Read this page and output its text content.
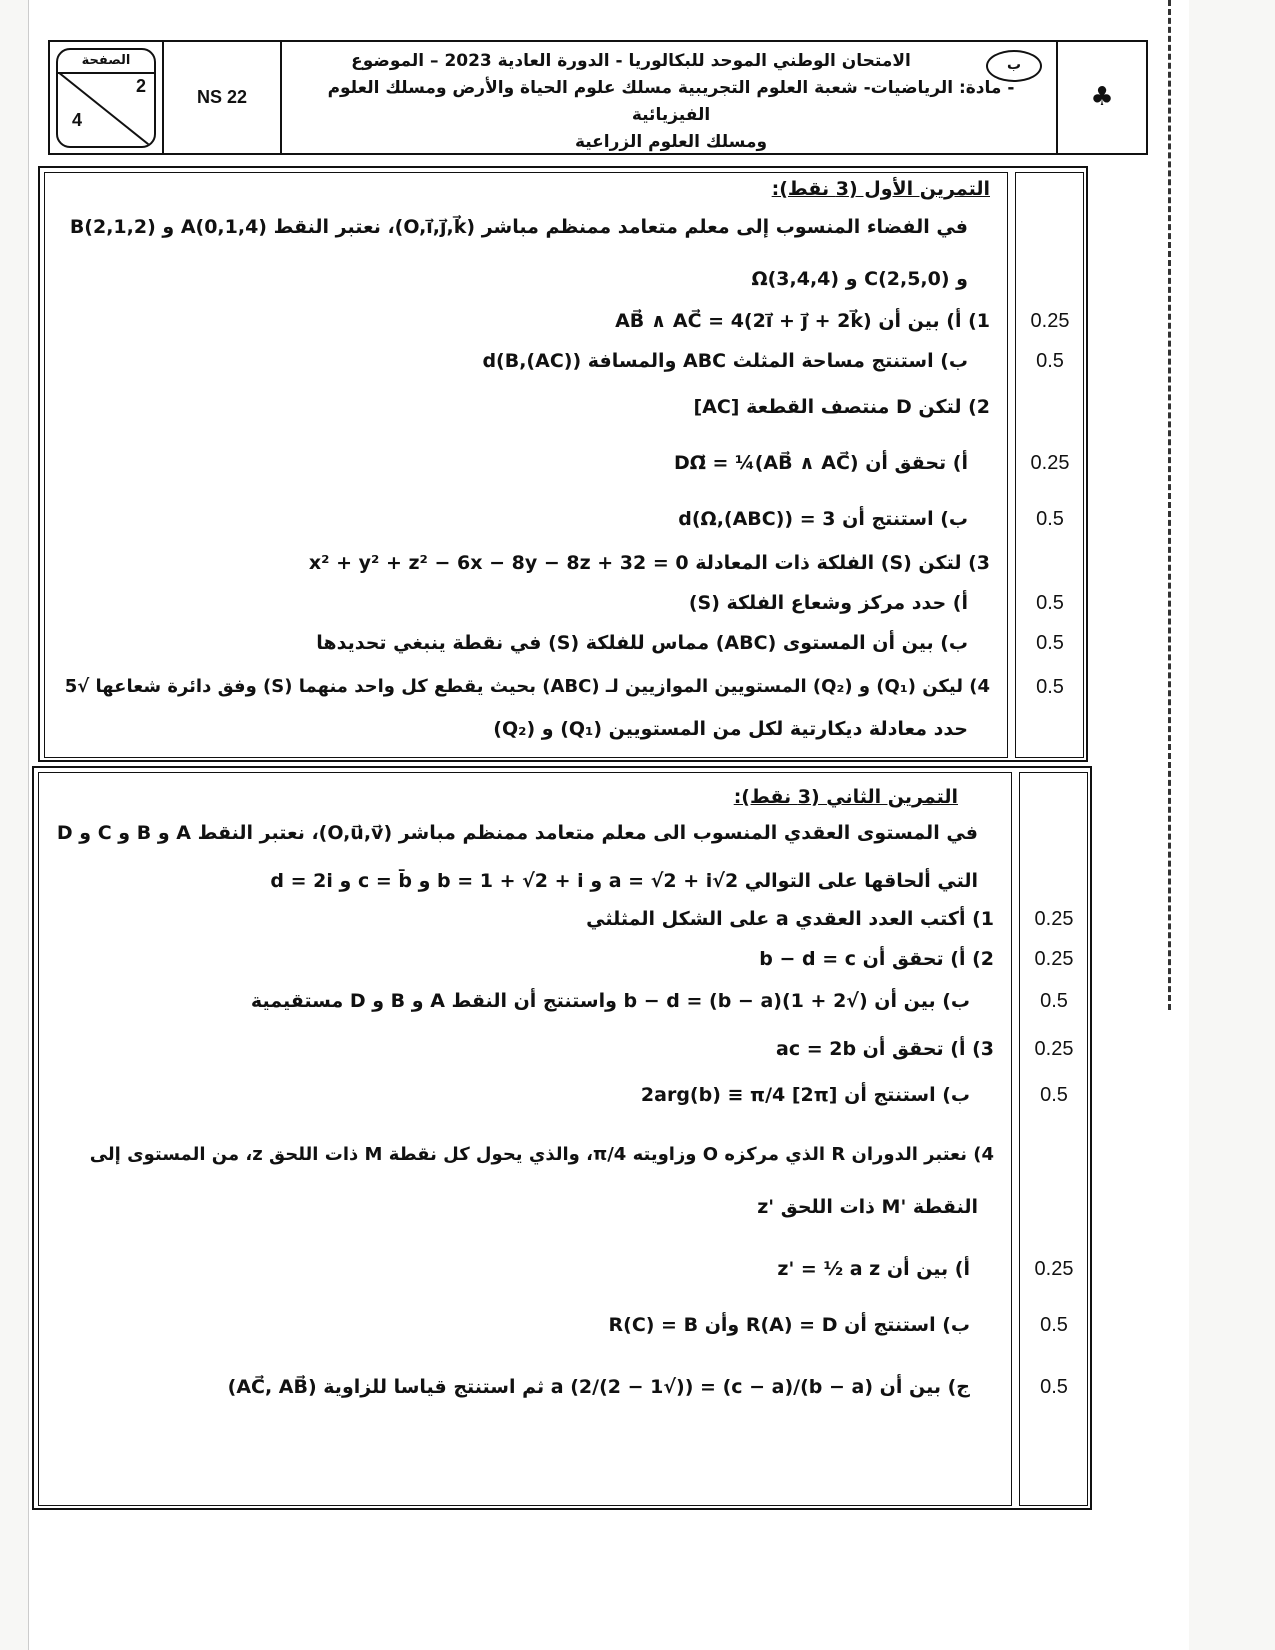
الصفحة
2
4
NS 22
الامتحان الوطني الموحد للبكالوريا - الدورة العادية 2023 – الموضوع
- مادة: الرياضيات- شعبة العلوم التجريبية مسلك علوم الحياة والأرض ومسلك العلوم الفيزيائية
ومسلك العلوم الزراعية
ب
♣
التمرين الأول (3 نقط):
في الفضاء المنسوب إلى معلم متعامد ممنظم مباشر (O,i⃗,j⃗,k⃗)، نعتبر النقط A(0,1,4) و B(2,1,2)
و C(2,5,0) و Ω(3,4,4)
1) أ) بين أن AB⃗ ∧ AC⃗ = 4(2i⃗ + j⃗ + 2k⃗)	0.25
ب) استنتج مساحة المثلث ABC والمسافة d(B,(AC))	0.5
2) لتكن D منتصف القطعة [AC]
أ) تحقق أن DΩ⃗ = ¼(AB⃗ ∧ AC⃗)	0.25
ب) استنتج أن d(Ω,(ABC)) = 3	0.5
3) لتكن (S) الفلكة ذات المعادلة x² + y² + z² − 6x − 8y − 8z + 32 = 0
أ) حدد مركز وشعاع الفلكة (S)	0.5
ب) بين أن المستوى (ABC) مماس للفلكة (S) في نقطة ينبغي تحديدها	0.5
4) ليكن (Q₁) و (Q₂) المستويين الموازيين لـ (ABC) بحيث يقطع كل واحد منهما (S) وفق دائرة شعاعها √5	0.5
حدد معادلة ديكارتية لكل من المستويين (Q₁) و (Q₂)
التمرين الثاني (3 نقط):
في المستوى العقدي المنسوب الى معلم متعامد ممنظم مباشر (O,u⃗,v⃗)، نعتبر النقط A و B و C و D
التي ألحاقها على التوالي a = √2 + i√2 و b = 1 + √2 + i و c = b̄ و d = 2i
1) أكتب العدد العقدي a على الشكل المثلثي	0.25
2) أ) تحقق أن b − d = c	0.25
ب) بين أن (√2 + 1)(b − a) = b − d واستنتج أن النقط A و B و D مستقيمية	0.5
3) أ) تحقق أن ac = 2b	0.25
ب) استنتج أن 2arg(b) ≡ π/4 [2π]	0.5
4) نعتبر الدوران R الذي مركزه O وزاويته π/4، والذي يحول كل نقطة M ذات اللحق z، من المستوى إلى
النقطة 'M ذات اللحق 'z
أ) بين أن z' = ½ a z	0.25
ب) استنتج أن R(A) = D وأن R(C) = B	0.5
ج) بين أن (b − a)/(c − a) = ((√2 − 1)/2) a ثم استنتج قياسا للزاوية (AC⃗, AB⃗)	0.5
